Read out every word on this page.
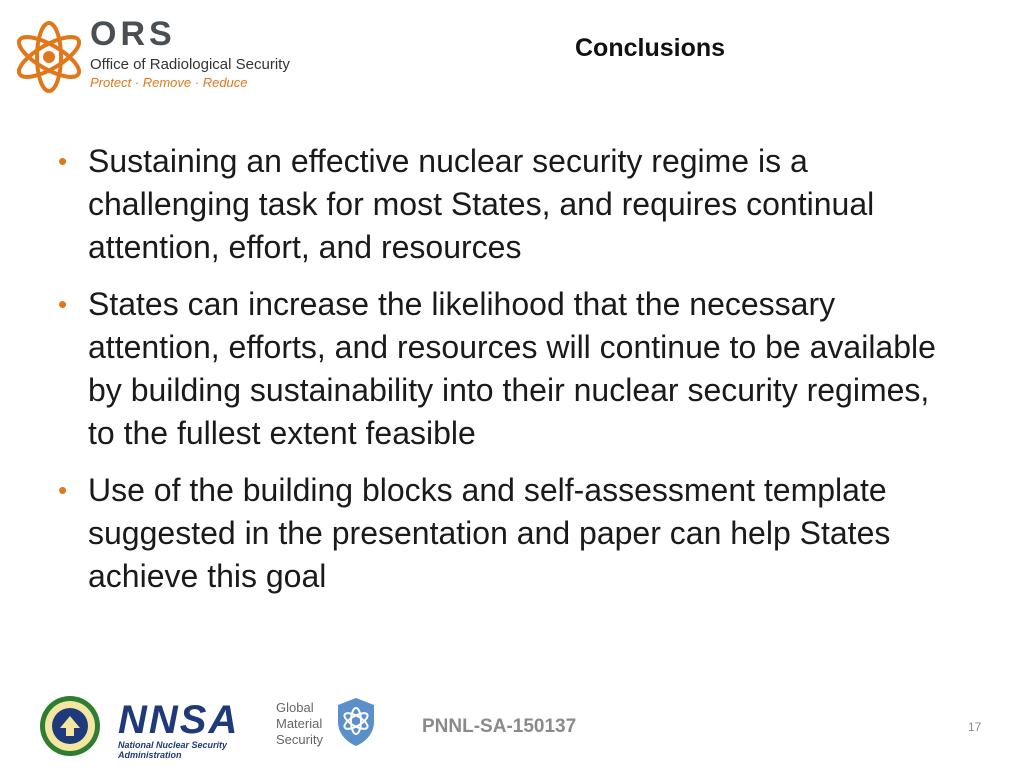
ORS
Office of Radiological Security
Protect · Remove · Reduce
Conclusions
• Sustaining an effective nuclear security regime is a challenging task for most States, and requires continual attention, effort, and resources
• States can increase the likelihood that the necessary attention, efforts, and resources will continue to be available by building sustainability into their nuclear security regimes, to the fullest extent feasible
• Use of the building blocks and self-assessment template suggested in the presentation and paper can help States achieve this goal
NNSA
National Nuclear Security Administration
Global
Material
Security
PNNL-SA-150137	17
